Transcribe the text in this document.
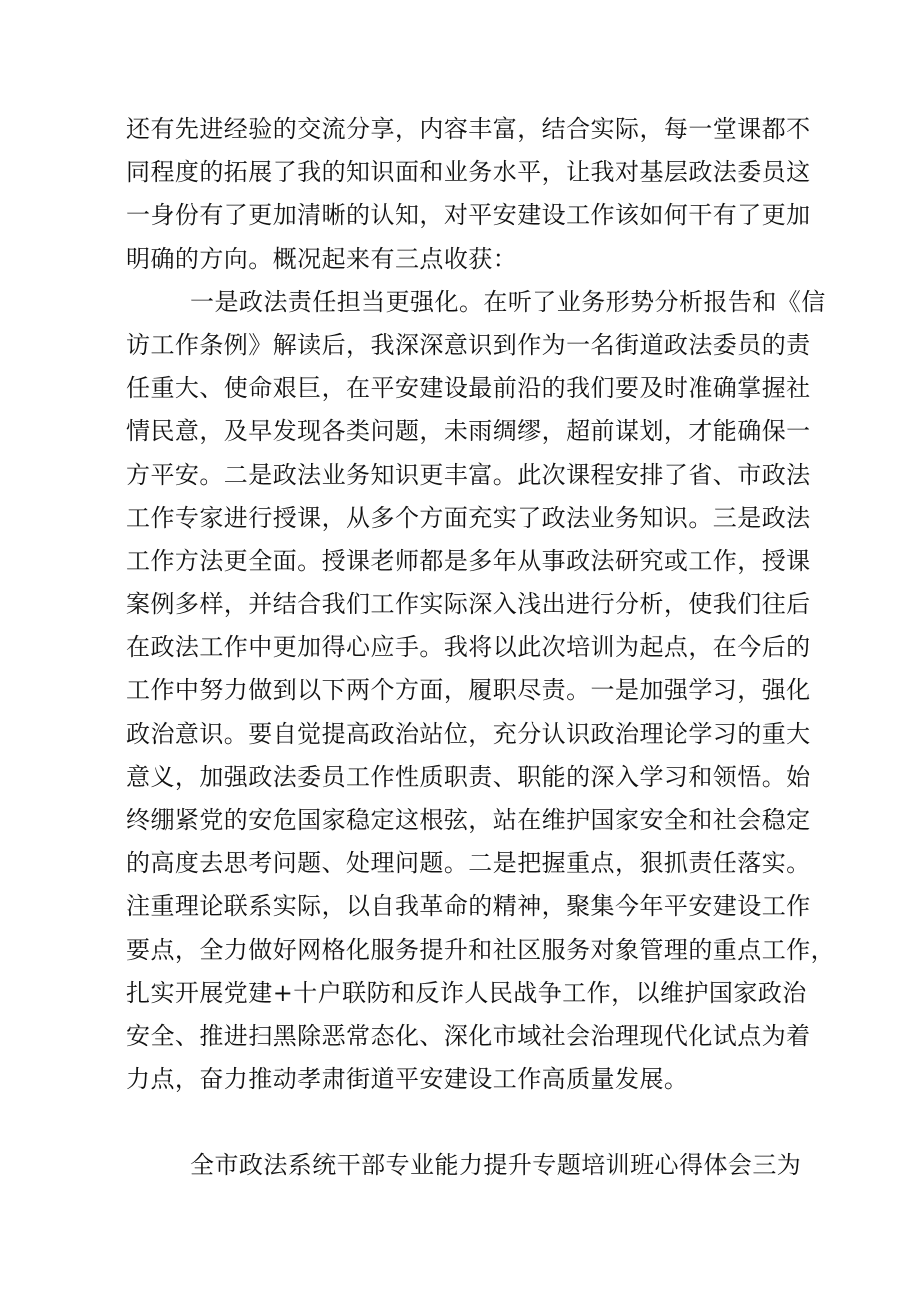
还有先进经验的交流分享，内容丰富，结合实际，每一堂课都不
同程度的拓展了我的知识面和业务水平，让我对基层政法委员这
一身份有了更加清晰的认知，对平安建设工作该如何干有了更加
明确的方向。概况起来有三点收获：
一是政法责任担当更强化。在听了业务形势分析报告和《信
访工作条例》解读后，我深深意识到作为一名街道政法委员的责
任重大、使命艰巨，在平安建设最前沿的我们要及时准确掌握社
情民意，及早发现各类问题，未雨绸缪，超前谋划，才能确保一
方平安。二是政法业务知识更丰富。此次课程安排了省、市政法
工作专家进行授课，从多个方面充实了政法业务知识。三是政法
工作方法更全面。授课老师都是多年从事政法研究或工作，授课
案例多样，并结合我们工作实际深入浅出进行分析，使我们往后
在政法工作中更加得心应手。我将以此次培训为起点，在今后的
工作中努力做到以下两个方面，履职尽责。一是加强学习，强化
政治意识。要自觉提高政治站位，充分认识政治理论学习的重大
意义，加强政法委员工作性质职责、职能的深入学习和领悟。始
终绷紧党的安危国家稳定这根弦，站在维护国家安全和社会稳定
的高度去思考问题、处理问题。二是把握重点，狠抓责任落实。
注重理论联系实际，以自我革命的精神，聚集今年平安建设工作
要点，全力做好网格化服务提升和社区服务对象管理的重点工作，
扎实开展党建+十户联防和反诈人民战争工作，以维护国家政治
安全、推进扫黑除恶常态化、深化市域社会治理现代化试点为着
力点，奋力推动孝肃街道平安建设工作高质量发展。
全市政法系统干部专业能力提升专题培训班心得体会三为
